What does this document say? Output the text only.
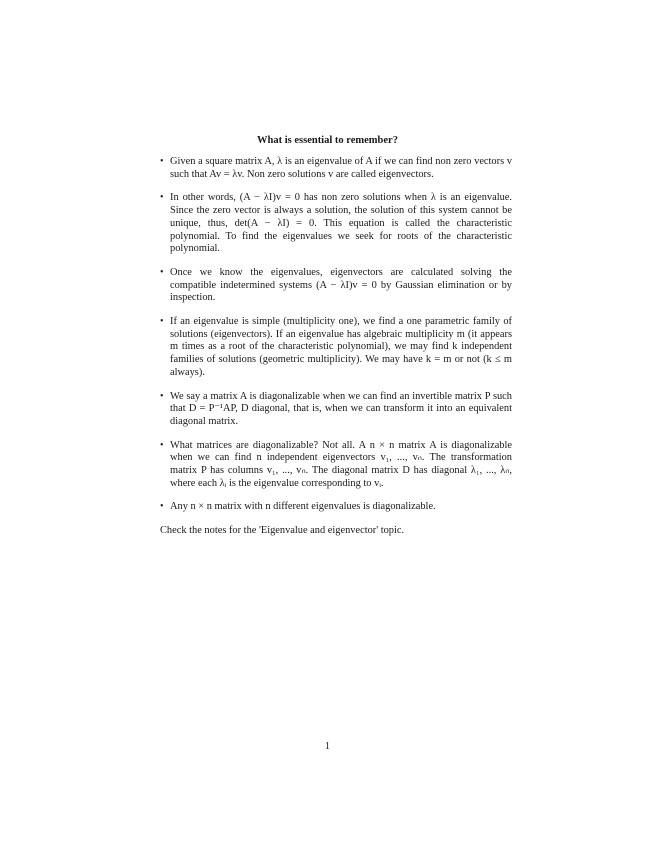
What is essential to remember?
• Given a square matrix A, λ is an eigenvalue of A if we can find non zero vectors v such that Av = λv. Non zero solutions v are called eigenvectors.
• In other words, (A − λI)v = 0 has non zero solutions when λ is an eigenvalue. Since the zero vector is always a solution, the solution of this system cannot be unique, thus, det(A − λI) = 0. This equation is called the characteristic polynomial. To find the eigenvalues we seek for roots of the characteristic polynomial.
• Once we know the eigenvalues, eigenvectors are calculated solving the compatible indetermined systems (A − λI)v = 0 by Gaussian elimination or by inspection.
• If an eigenvalue is simple (multiplicity one), we find a one parametric family of solutions (eigenvectors). If an eigenvalue has algebraic multiplicity m (it appears m times as a root of the characteristic polynomial), we may find k independent families of solutions (geometric multiplicity). We may have k = m or not (k ≤ m always).
• We say a matrix A is diagonalizable when we can find an invertible matrix P such that D = P⁻¹AP, D diagonal, that is, when we can transform it into an equivalent diagonal matrix.
• What matrices are diagonalizable? Not all. A n × n matrix A is diagonalizable when we can find n independent eigenvectors v₁, ..., vₙ. The transformation matrix P has columns v₁, ..., vₙ. The diagonal matrix D has diagonal λ₁, ..., λₙ, where each λᵢ is the eigenvalue corresponding to vᵢ.
• Any n × n matrix with n different eigenvalues is diagonalizable.
Check the notes for the 'Eigenvalue and eigenvector' topic.
1
